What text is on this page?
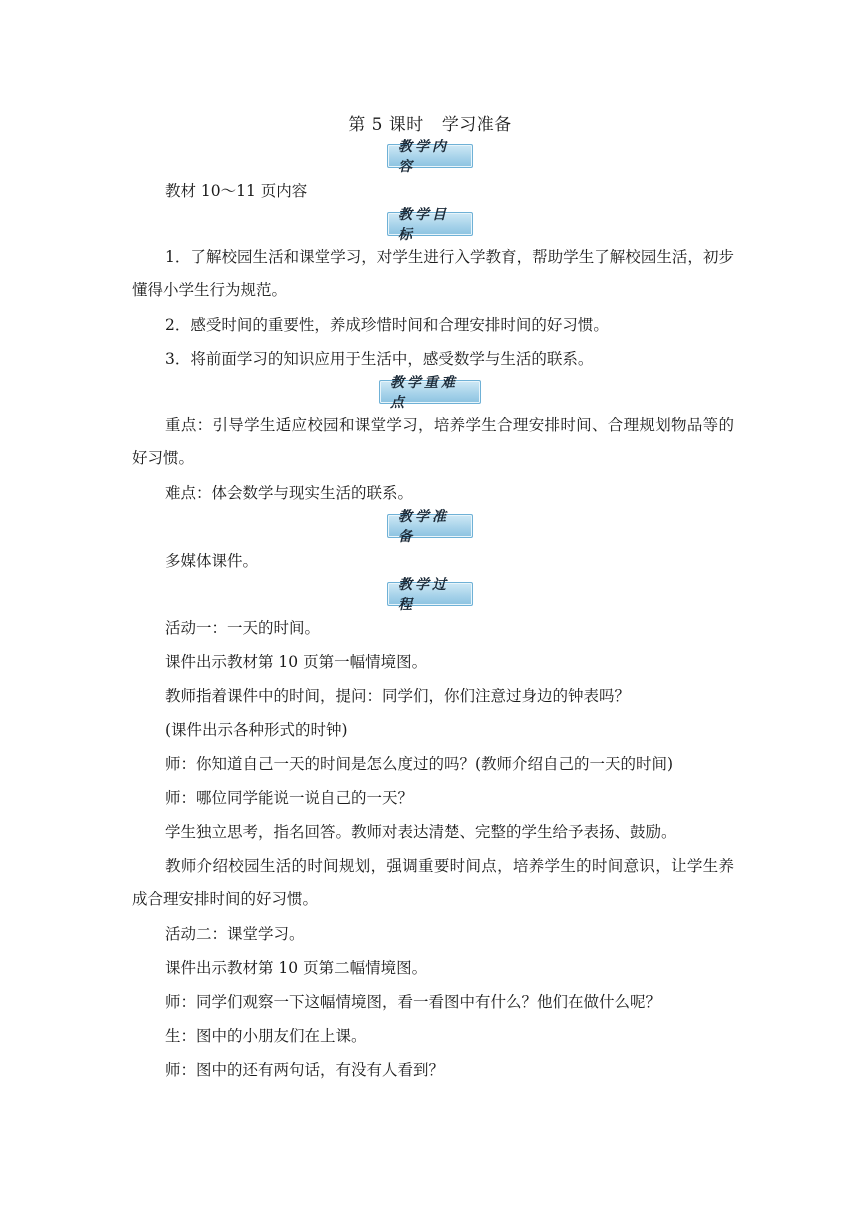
第 5 课时 学习准备
教学内容
教材 10～11 页内容
教学目标
1．了解校园生活和课堂学习，对学生进行入学教育，帮助学生了解校园生活，初步懂得小学生行为规范。
2．感受时间的重要性，养成珍惜时间和合理安排时间的好习惯。
3．将前面学习的知识应用于生活中，感受数学与生活的联系。
教学重难点
重点：引导学生适应校园和课堂学习，培养学生合理安排时间、合理规划物品等的好习惯。
难点：体会数学与现实生活的联系。
教学准备
多媒体课件。
教学过程
活动一：一天的时间。
课件出示教材第 10 页第一幅情境图。
教师指着课件中的时间，提问：同学们，你们注意过身边的钟表吗？
(课件出示各种形式的时钟)
师：你知道自己一天的时间是怎么度过的吗？(教师介绍自己的一天的时间)
师：哪位同学能说一说自己的一天？
学生独立思考，指名回答。教师对表达清楚、完整的学生给予表扬、鼓励。
教师介绍校园生活的时间规划，强调重要时间点，培养学生的时间意识，让学生养成合理安排时间的好习惯。
活动二：课堂学习。
课件出示教材第 10 页第二幅情境图。
师：同学们观察一下这幅情境图，看一看图中有什么？他们在做什么呢？
生：图中的小朋友们在上课。
师：图中的还有两句话，有没有人看到？
